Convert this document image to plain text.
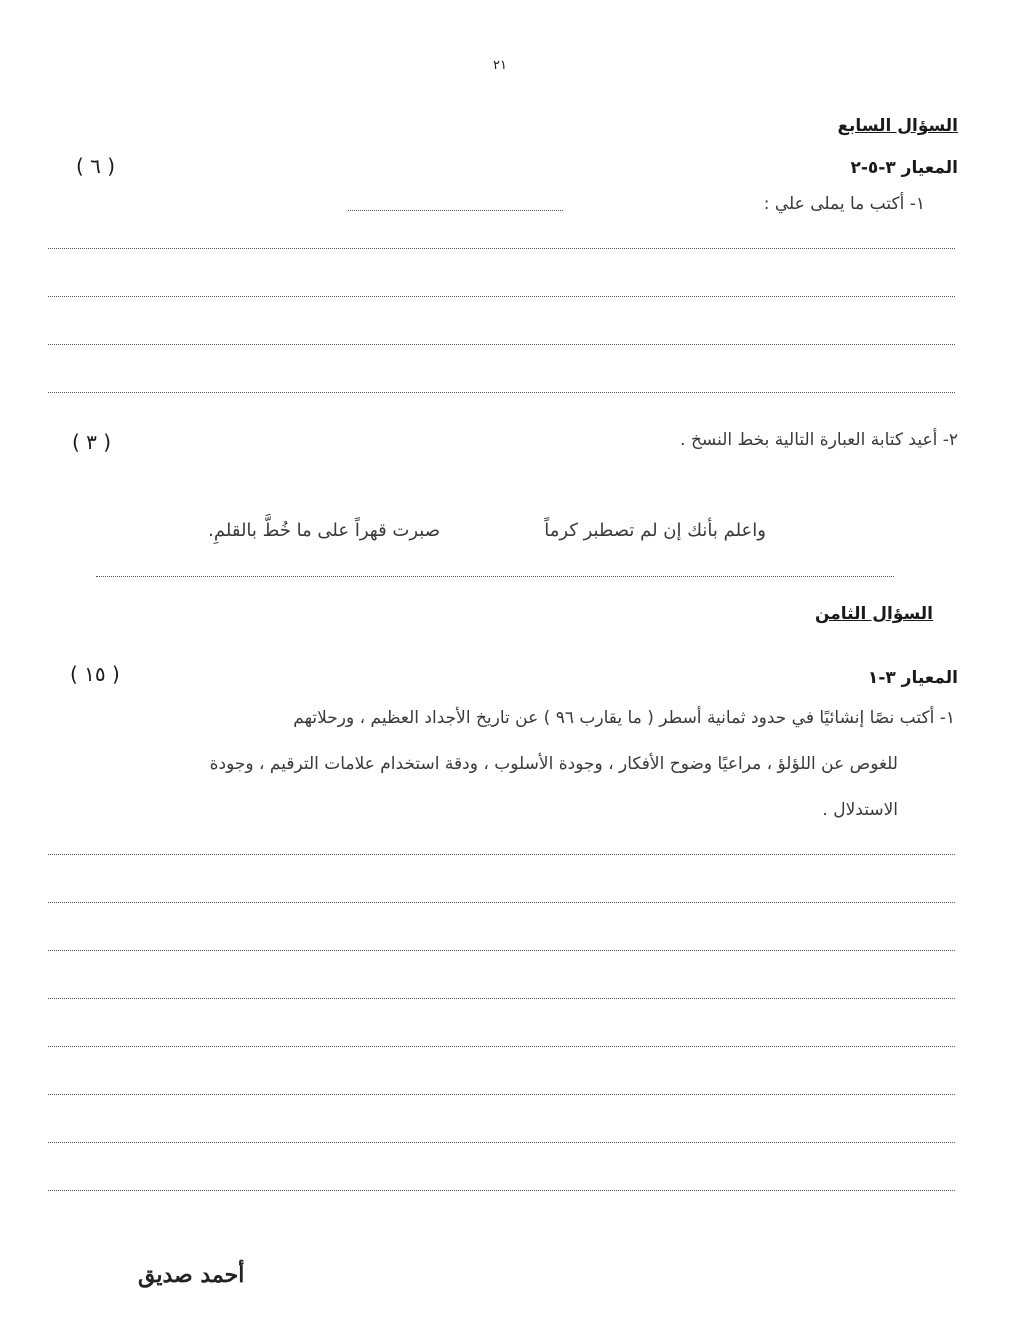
٢١
السؤال السابع
المعيار ٣-٥-٢
( ٦ )
١- أكتب ما يملى علي :
٢- أعيد كتابة العبارة التالية بخط النسخ .
( ٣ )
واعلم بأنك إن لم تصطبر كرماً
صبرت قهراً على ما خُطَّ بالقلمِ.
السؤال الثامن
المعيار ٣-١
( ١٥ )
١- أكتب نصًا إنشائيًا في حدود ثمانية أسطر ( ما يقارب ٩٦ ) عن تاريخ الأجداد العظيم ، ورحلاتهم
للغوص عن اللؤلؤ ، مراعيًا وضوح الأفكار ، وجودة الأسلوب ، ودقة استخدام علامات الترقيم ، وجودة
الاستدلال .
أحمد صديق
